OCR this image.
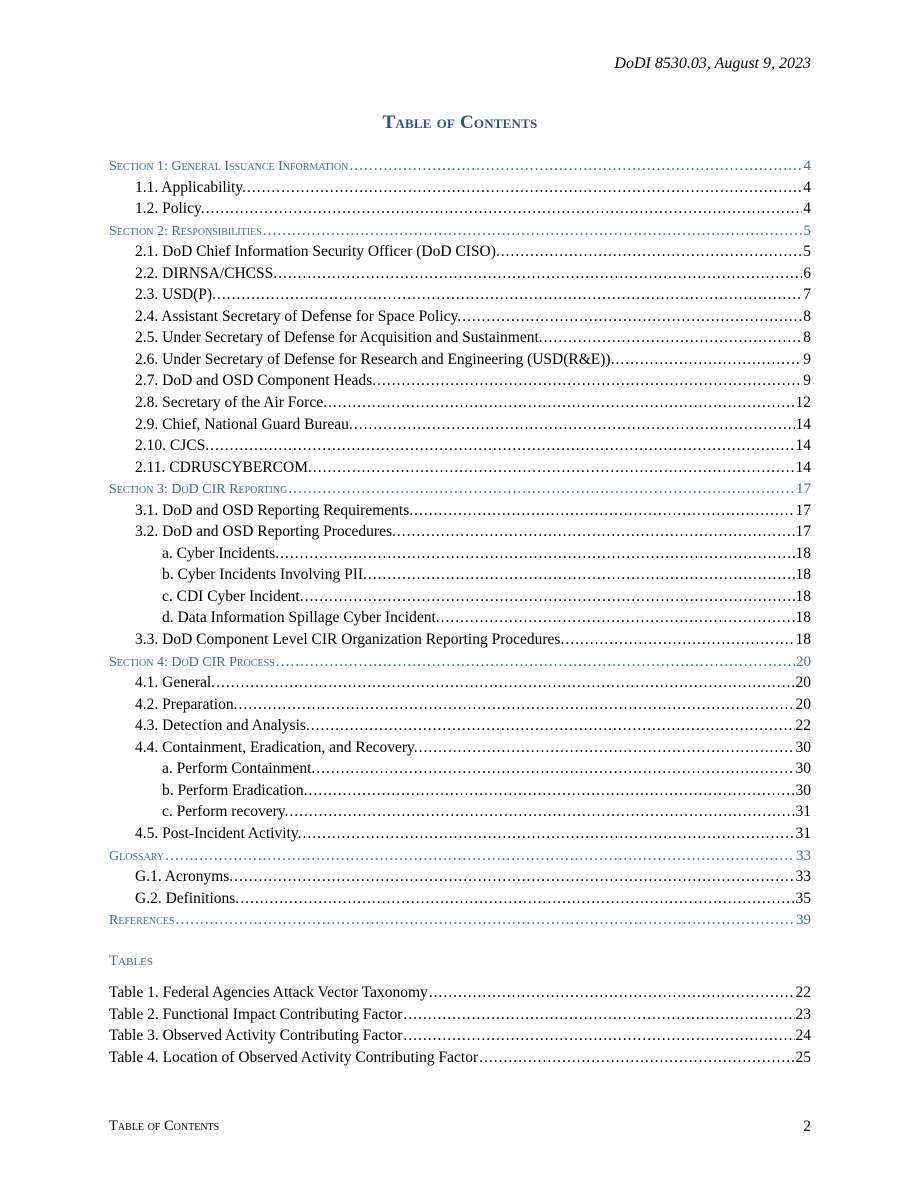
DoDI 8530.03, August 9, 2023
Table of Contents
Section 1: General Issuance Information .....	4
1.1. Applicability. .....	4
1.2. Policy. .....	4
Section 2: Responsibilities .....	5
2.1. DoD Chief Information Security Officer (DoD CISO). .....	5
2.2. DIRNSA/CHCSS. .....	6
2.3. USD(P). .....	7
2.4. Assistant Secretary of Defense for Space Policy. .....	8
2.5. Under Secretary of Defense for Acquisition and Sustainment. .....	8
2.6. Under Secretary of Defense for Research and Engineering (USD(R&E)). .....	9
2.7. DoD and OSD Component Heads. .....	9
2.8. Secretary of the Air Force. .....	12
2.9. Chief, National Guard Bureau. .....	14
2.10. CJCS. .....	14
2.11. CDRUSCYBERCOM. .....	14
Section 3: DoD CIR Reporting .....	17
3.1. DoD and OSD Reporting Requirements. .....	17
3.2. DoD and OSD Reporting Procedures. .....	17
a. Cyber Incidents. .....	18
b. Cyber Incidents Involving PII. .....	18
c. CDI Cyber Incident. .....	18
d. Data Information Spillage Cyber Incident. .....	18
3.3. DoD Component Level CIR Organization Reporting Procedures. .....	18
Section 4: DoD CIR Process .....	20
4.1. General. .....	20
4.2. Preparation. .....	20
4.3. Detection and Analysis. .....	22
4.4. Containment, Eradication, and Recovery. .....	30
a. Perform Containment. .....	30
b. Perform Eradication. .....	30
c. Perform recovery. .....	31
4.5. Post-Incident Activity. .....	31
Glossary .....	33
G.1. Acronyms. .....	33
G.2. Definitions. .....	35
References .....	39
Tables
Table 1. Federal Agencies Attack Vector Taxonomy .....	22
Table 2. Functional Impact Contributing Factor .....	23
Table 3. Observed Activity Contributing Factor .....	24
Table 4. Location of Observed Activity Contributing Factor .....	25
Table of Contents	2
